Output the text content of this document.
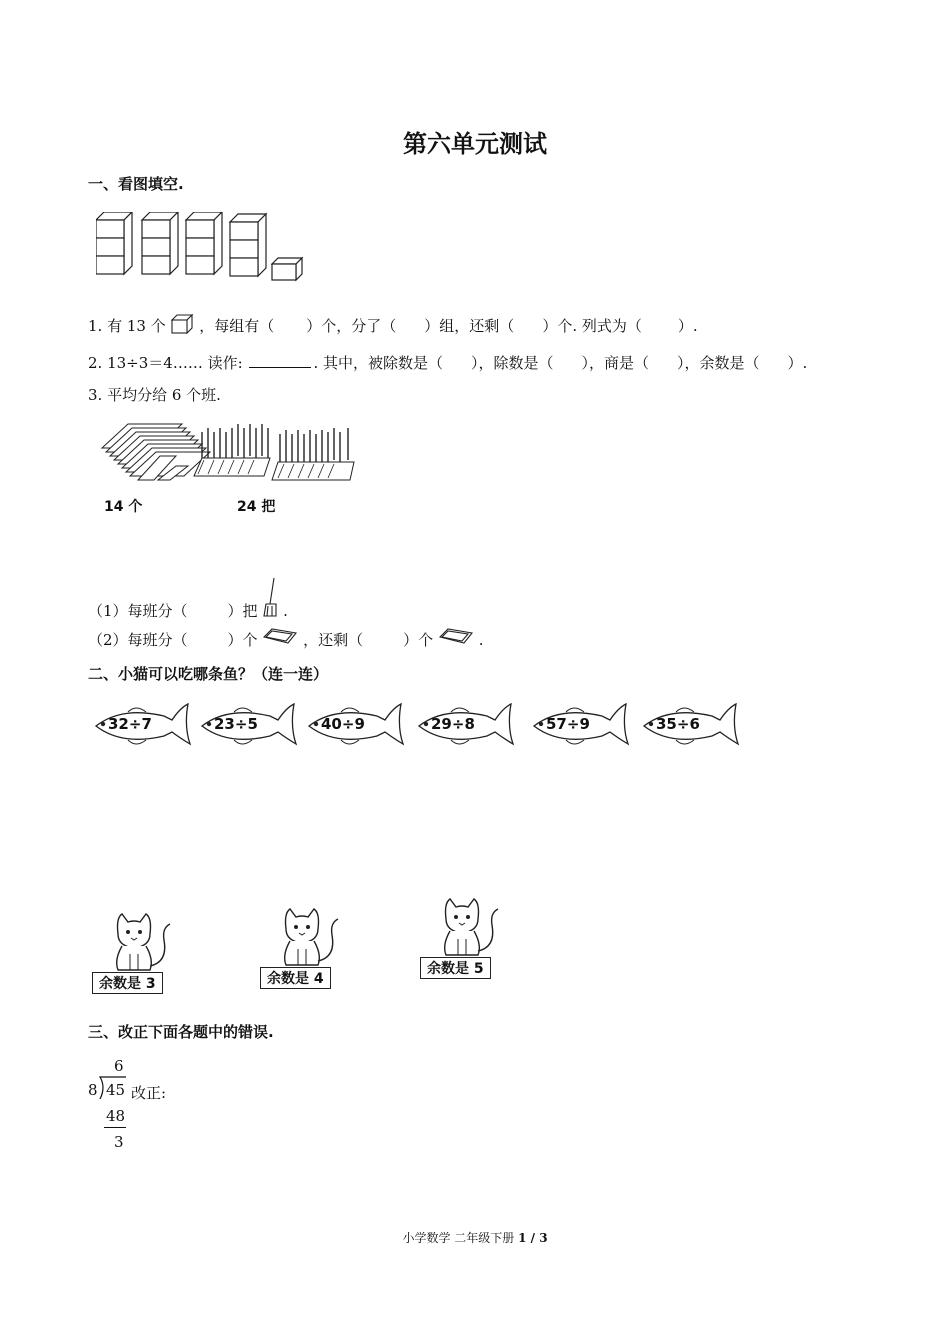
第六单元测试
一、看图填空.
1. 有 13 个 ，每组有（ ）个，分了（ ）组，还剩（ ）个. 列式为（ ）.
2. 13÷3＝4…… 读作:	. 其中，被除数是（ ），除数是（ ），商是（ ），余数是（ ）.
3. 平均分给 6 个班.
14 个	24 把
（1）每班分（	）把 .
（2）每班分（	）个	，还剩（	）个	.
二、小猫可以吃哪条鱼？（连一连）
32÷7	23÷5	40÷9	29÷8	57÷9	35÷6
余数是 3	余数是 4
余数是 5
三、改正下面各题中的错误.
6
8 45 改正:
48
3
小学数学 二年级下册 1 / 3
